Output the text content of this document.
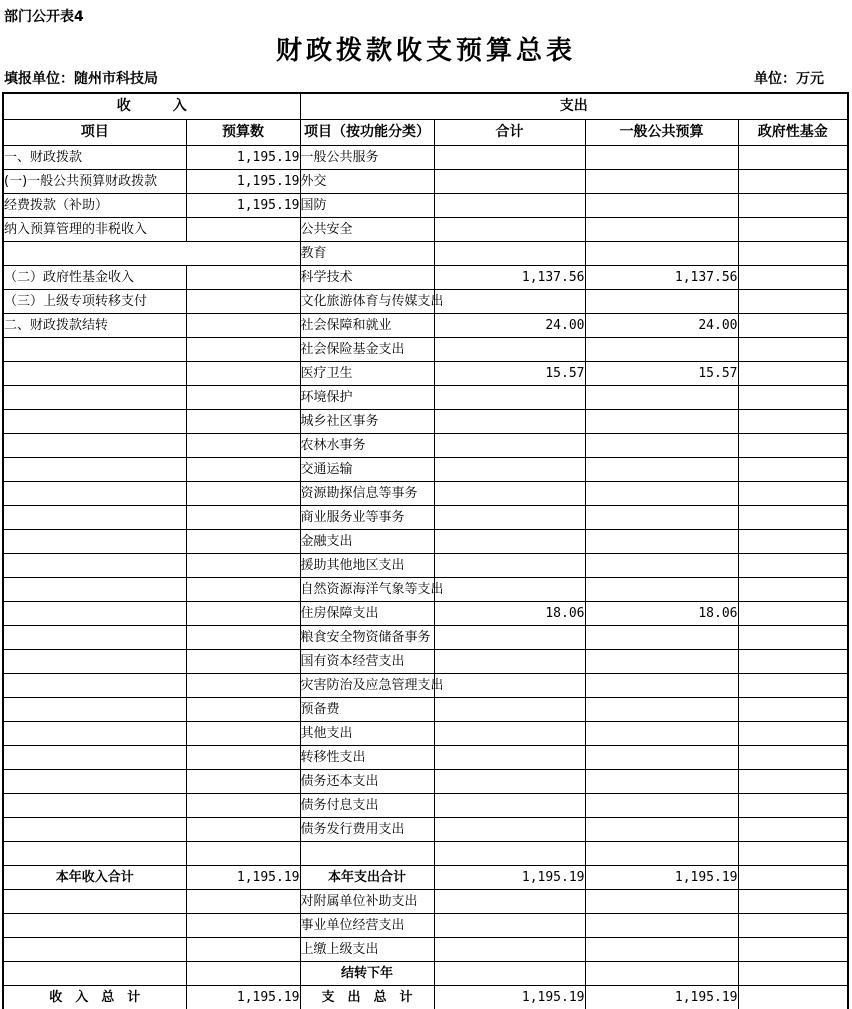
部门公开表4
财政拨款收支预算总表
填报单位：随州市科技局	单位：万元
收　　　入		支出			
项目	预算数	项目（按功能分类）	合计	一般公共预算	政府性基金
一、财政拨款	1,195.19	一般公共服务			
(一)一般公共预算财政拨款	1,195.19	外交			
经费拨款（补助）	1,195.19	国防			
纳入预算管理的非税收入		公共安全			
		教育			
（二）政府性基金收入		科学技术	1,137.56	1,137.56	
（三）上级专项转移支付		文化旅游体育与传媒支出			
二、财政拨款结转		社会保障和就业	24.00	24.00	
		社会保险基金支出			
		医疗卫生	15.57	15.57	
		环境保护			
		城乡社区事务			
		农林水事务			
		交通运输			
		资源勘探信息等事务			
		商业服务业等事务			
		金融支出			
		援助其他地区支出			
		自然资源海洋气象等支出			
		住房保障支出	18.06	18.06	
		粮食安全物资储备事务			
		国有资本经营支出			
		灾害防治及应急管理支出			
		预备费			
		其他支出			
		转移性支出			
		债务还本支出			
		债务付息支出			
		债务发行费用支出			

本年收入合计	1,195.19	本年支出合计	1,195.19	1,195.19	
		对附属单位补助支出			
		事业单位经营支出			
		上缴上级支出			
		结转下年			
收　入　总　计	1,195.19	支　出　总　计	1,195.19	1,195.19	
